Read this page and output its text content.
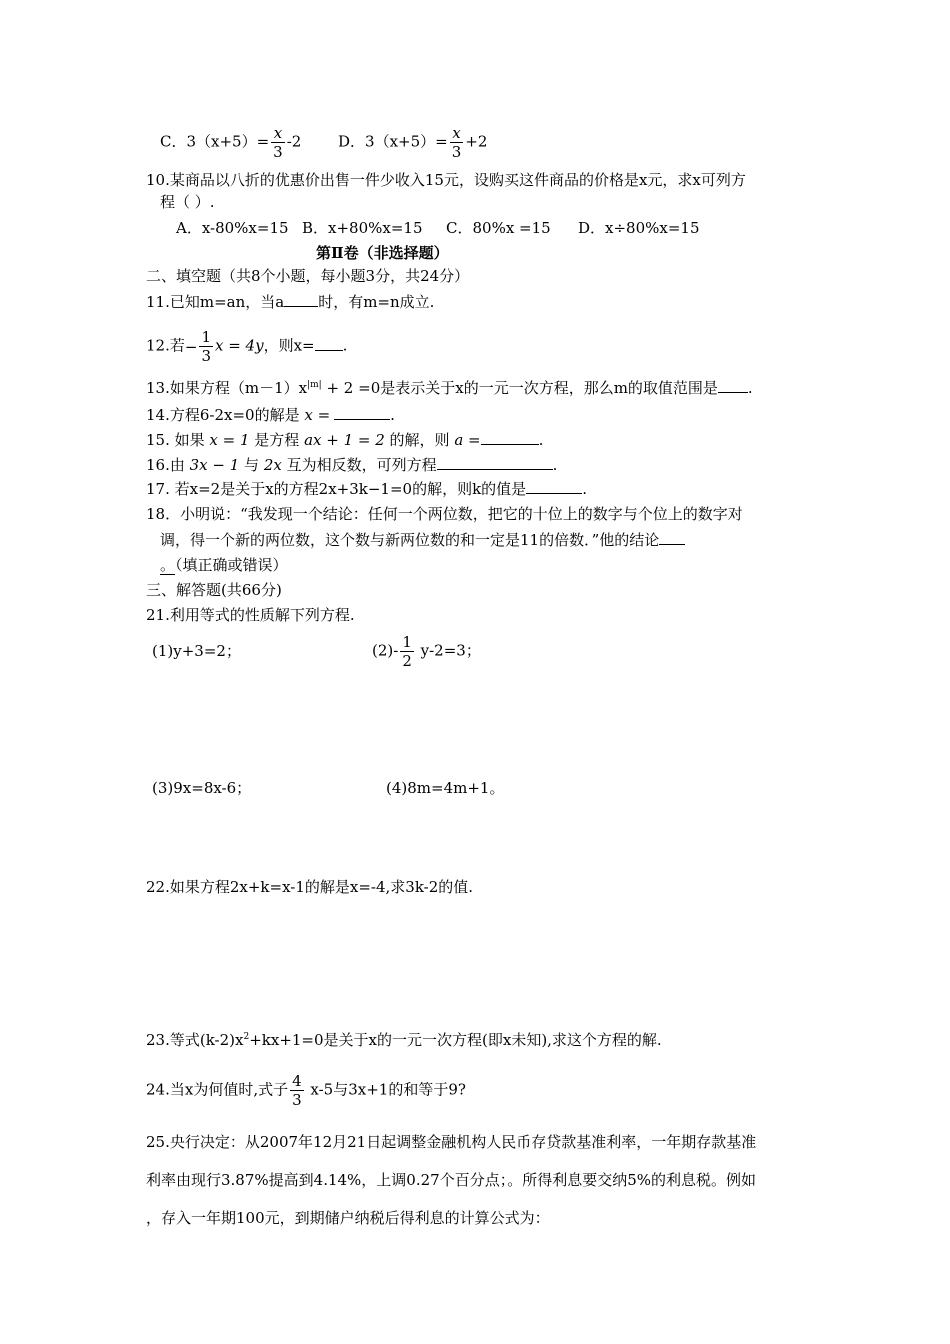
C．$3(x+5)= \frac{x}{3} -2$ D．$3(x+5)= \frac{x}{3} +2$
10.某商品以八折的优惠价出售一件少收入15元，设购买这件商品的价格是x元，求x可列方
程（ ）.
A．x-80%x=15 B．x+80%x=15 C．80%x =15 D．x÷80%x=15
第Ⅱ卷（非选择题）
二、填空题（共8个小题，每小题3分，共24分）
11.已知m=an，当a 时，有m=n成立.
12.若− $\frac{1}{3}$ x = 4y，则x= .
13.如果方程$(m-1)x^{|m|} + 2 =0$是表示关于x的一元一次方程，那么m的取值范围是 .
14.方程6-2x=0的解是 x =	.
15. 如果 x = 1 是方程 ax + 1 = 2 的解，则 a =	.
16.由 3x − 1 与 2x 互为相反数，可列方程	.
17. 若x=2是关于x的方程2x+3k−1=0的解，则k的值是	.
18．小明说：“我发现一个结论：任何一个两位数，把它的十位上的数字与个位上的数字对
调，得一个新的两位数，这个数与新两位数的和一定是11的倍数．”他的结论
。（填正确或错误）
三、解答题(共66分)
21.利用等式的性质解下列方程.
(1)y+3=2；	$(2)- \frac{1}{2} y-2=3$；
(3)9x=8x-6；	(4)8m=4m+1。
22.如果方程2x+k=x-1的解是x=-4,求3k-2的值.
23.等式$(k-2)x^2+kx+1=0$是关于x的一元一次方程(即x未知),求这个方程的解.
24.当x为何值时,式子 $\frac{4}{3} x-5$与3x+1的和等于9?
25.央行决定：从2007年12月21日起调整金融机构人民币存贷款基准利率，一年期存款基准
利率由现行3.87%提高到4.14%，上调0.27个百分点；。所得利息要交纳5%的利息税。例如
，存入一年期100元，到期储户纳税后得利息的计算公式为：
